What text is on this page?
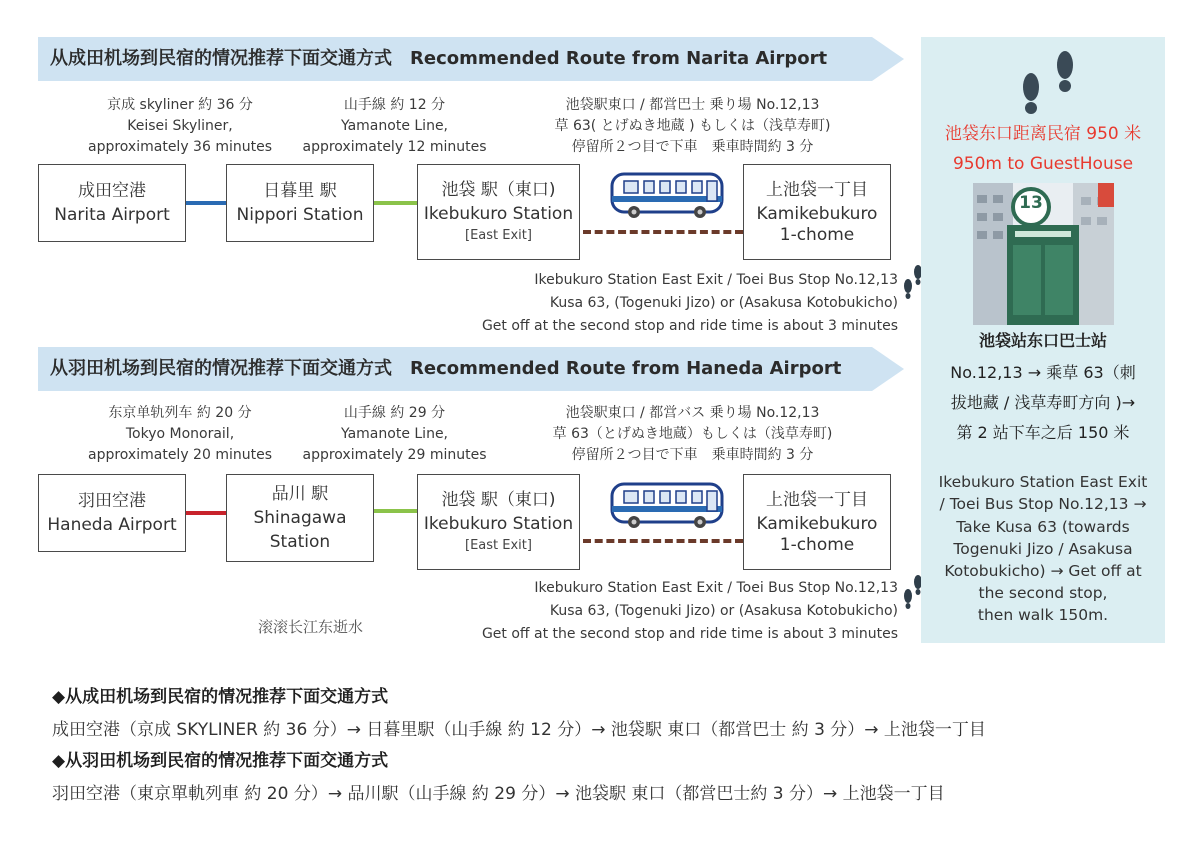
从成田机场到民宿的情况推荐下面交通方式 Recommended Route from Narita Airport
京成 skyliner 約 36 分
Keisei Skyliner,
approximately 36 minutes
山手線 約 12 分
Yamanote Line,
approximately 12 minutes
池袋駅東口 / 都営巴士 乗り場 No.12,13
草 63( とげぬき地蔵 ) もしくは（浅草寿町)
停留所２つ目で下車　乗車時間約 3 分
成田空港
Narita Airport
日暮里 駅
Nippori Station
池袋 駅（東口)
Ikebukuro Station
[East Exit]
上池袋一丁目
Kamikebukuro
1-chome
Ikebukuro Station East Exit / Toei Bus Stop No.12,13
Kusa 63, (Togenuki Jizo) or (Asakusa Kotobukicho)
Get off at the second stop and ride time is about 3 minutes
从羽田机场到民宿的情况推荐下面交通方式 Recommended Route from Haneda Airport
东京单轨列车 約 20 分
Tokyo Monorail,
approximately 20 minutes
山手線 約 29 分
Yamanote Line,
approximately 29 minutes
池袋駅東口 / 都営バス 乗り場 No.12,13
草 63（とげぬき地蔵）もしくは（浅草寿町)
停留所２つ目で下車　乗車時間約 3 分
羽田空港
Haneda Airport
品川 駅
Shinagawa
Station
池袋 駅（東口)
Ikebukuro Station
[East Exit]
上池袋一丁目
Kamikebukuro
1-chome
Ikebukuro Station East Exit / Toei Bus Stop No.12,13
Kusa 63, (Togenuki Jizo) or (Asakusa Kotobukicho)
Get off at the second stop and ride time is about 3 minutes
滚滚长江东逝水
池袋东口距离民宿 950 米
950m to GuestHouse
池袋站东口巴士站
No.12,13 → 乘草 63（刺
拔地藏 / 浅草寿町方向 )→
第 2 站下车之后 150 米
Ikebukuro Station East Exit
/ Toei Bus Stop No.12,13 →
Take Kusa 63 (towards
Togenuki Jizo / Asakusa
Kotobukicho) → Get off at
the second stop,
then walk 150m.
13
◆从成田机场到民宿的情况推荐下面交通方式
成田空港（京成 SKYLINER 約 36 分）→ 日暮里駅（山手線 約 12 分）→ 池袋駅 東口（都営巴士 約 3 分）→ 上池袋一丁目
◆从羽田机场到民宿的情况推荐下面交通方式
羽田空港（東京單軌列車 約 20 分）→ 品川駅（山手線 約 29 分）→ 池袋駅 東口（都営巴士約 3 分）→ 上池袋一丁目
